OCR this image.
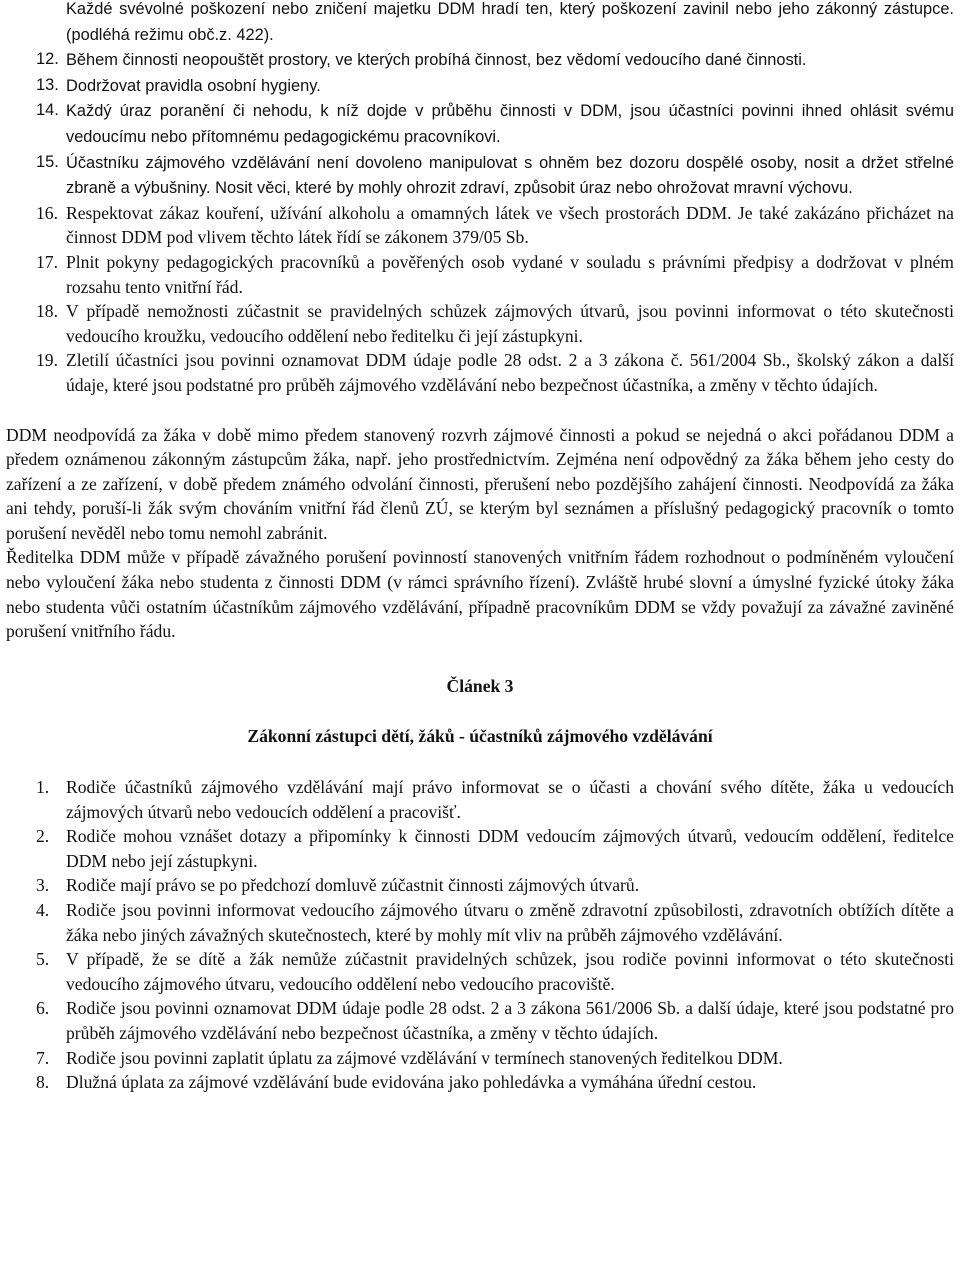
Každé svévolné poškození nebo zničení majetku DDM hradí ten, který poškození zavinil nebo jeho zákonný zástupce. (podléhá režimu obč.z. 422).
12. Během činnosti neopouštět prostory, ve kterých probíhá činnost, bez vědomí vedoucího dané činnosti.
13. Dodržovat pravidla osobní hygieny.
14. Každý úraz poranění či nehodu, k níž dojde v průběhu činnosti v DDM, jsou účastníci povinni ihned ohlásit svému vedoucímu nebo přítomnému pedagogickému pracovníkovi.
15. Účastníku zájmového vzdělávání není dovoleno manipulovat s ohněm bez dozoru dospělé osoby, nosit a držet střelné zbraně a výbušniny. Nosit věci, které by mohly ohrozit zdraví, způsobit úraz nebo ohrožovat mravní výchovu.
16. Respektovat zákaz kouření, užívání alkoholu a omamných látek ve všech prostorách DDM. Je také zakázáno přicházet na činnost DDM pod vlivem těchto látek řídí se zákonem 379/05 Sb.
17. Plnit pokyny pedagogických pracovníků a pověřených osob vydané v souladu s právními předpisy a dodržovat v plném rozsahu tento vnitřní řád.
18. V případě nemožnosti zúčastnit se pravidelných schůzek zájmových útvarů, jsou povinni informovat o této skutečnosti vedoucího kroužku, vedoucího oddělení nebo ředitelku či její zástupkyni.
19. Zletilí účastníci jsou povinni oznamovat DDM údaje podle 28 odst. 2 a 3 zákona č. 561/2004 Sb., školský zákon a další údaje, které jsou podstatné pro průběh zájmového vzdělávání nebo bezpečnost účastníka, a změny v těchto údajích.

DDM neodpovídá za žáka v době mimo předem stanovený rozvrh zájmové činnosti a pokud se nejedná o akci pořádanou DDM a předem oznámenou zákonným zástupcům žáka, např. jeho prostřednictvím. Zejména není odpovědný za žáka během jeho cesty do zařízení a ze zařízení, v době předem známého odvolání činnosti, přerušení nebo pozdějšího zahájení činnosti. Neodpovídá za žáka ani tehdy, poruší-li žák svým chováním vnitřní řád členů ZÚ, se kterým byl seznámen a příslušný pedagogický pracovník o tomto porušení nevěděl nebo tomu nemohl zabránit.

Ředitelka DDM může v případě závažného porušení povinností stanovených vnitřním řádem rozhodnout o podmíněném vyloučení nebo vyloučení žáka nebo studenta z činnosti DDM (v rámci správního řízení). Zvláště hrubé slovní a úmyslné fyzické útoky žáka nebo studenta vůči ostatním účastníkům zájmového vzdělávání, případně pracovníkům DDM se vždy považují za závažné zaviněné porušení vnitřního řádu.

Článek 3

Zákonní zástupci dětí, žáků - účastníků zájmového vzdělávání

1. Rodiče účastníků zájmového vzdělávání mají právo informovat se o účasti a chování svého dítěte, žáka u vedoucích zájmových útvarů nebo vedoucích oddělení a pracovišť.
2. Rodiče mohou vznášet dotazy a připomínky k činnosti DDM vedoucím zájmových útvarů, vedoucím oddělení, ředitelce DDM nebo její zástupkyni.
3. Rodiče mají právo se po předchozí domluvě zúčastnit činnosti zájmových útvarů.
4. Rodiče jsou povinni informovat vedoucího zájmového útvaru o změně zdravotní způsobilosti, zdravotních obtížích dítěte a žáka nebo jiných závažných skutečnostech, které by mohly mít vliv na průběh zájmového vzdělávání.
5. V případě, že se dítě a žák nemůže zúčastnit pravidelných schůzek, jsou rodiče povinni informovat o této skutečnosti vedoucího zájmového útvaru, vedoucího oddělení nebo vedoucího pracoviště.
6. Rodiče jsou povinni oznamovat DDM údaje podle 28 odst. 2 a 3 zákona 561/2006 Sb. a další údaje, které jsou podstatné pro průběh zájmového vzdělávání nebo bezpečnost účastníka, a změny v těchto údajích.
7. Rodiče jsou povinni zaplatit úplatu za zájmové vzdělávání v termínech stanovených ředitelkou DDM.
8. Dlužná úplata za zájmové vzdělávání bude evidována jako pohledávka a vymáhána úřední cestou.
